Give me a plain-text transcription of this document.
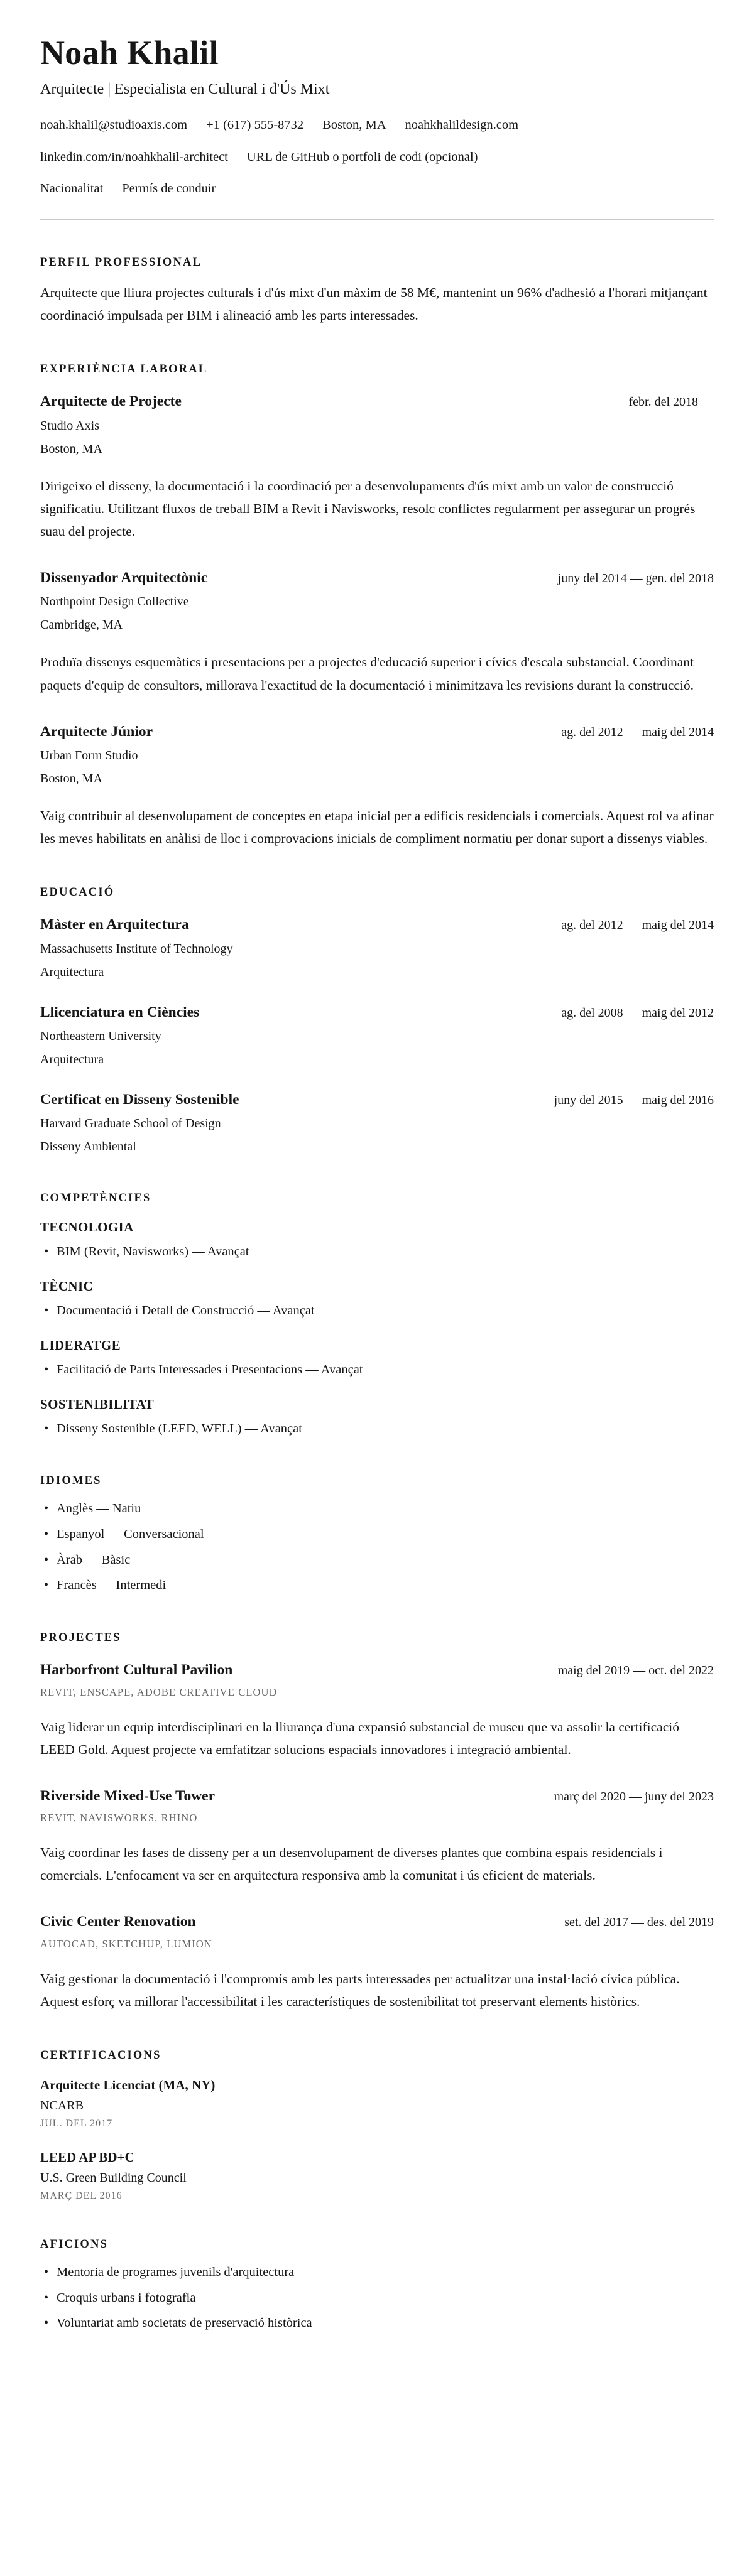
Noah Khalil
Arquitecte | Especialista en Cultural i d'Ús Mixt
noah.khalil@studioaxis.com +1 (617) 555-8732 Boston, MA noahkhalildesign.com
linkedin.com/in/noahkhalil-architect URL de GitHub o portfoli de codi (opcional)
Nacionalitat Permís de conduir
PERFIL PROFESSIONAL

Arquitecte que lliura projectes culturals i d'ús mixt d'un màxim de 58 M€, mantenint un 96% d'adhesió a l'horari mitjançant coordinació impulsada per BIM i alineació amb les parts interessades.

EXPERIÈNCIA LABORAL
Arquitecte de Projecte	febr. del 2018 —
Studio Axis
Boston, MA

Dirigeixo el disseny, la documentació i la coordinació per a desenvolupaments d'ús mixt amb un valor de construcció significatiu. Utilitzant fluxos de treball BIM a Revit i Navisworks, resolc conflictes regularment per assegurar un progrés suau del projecte.

Dissenyador Arquitectònic	juny del 2014 — gen. del 2018
Northpoint Design Collective
Cambridge, MA

Produïa dissenys esquemàtics i presentacions per a projectes d'educació superior i cívics d'escala substancial. Coordinant paquets d'equip de consultors, millorava l'exactitud de la documentació i minimitzava les revisions durant la construcció.

Arquitecte Júnior	ag. del 2012 — maig del 2014
Urban Form Studio
Boston, MA

Vaig contribuir al desenvolupament de conceptes en etapa inicial per a edificis residencials i comercials. Aquest rol va afinar les meves habilitats en anàlisi de lloc i comprovacions inicials de compliment normatiu per donar suport a dissenys viables.

EDUCACIÓ
Màster en Arquitectura	ag. del 2012 — maig del 2014
Massachusetts Institute of Technology
Arquitectura
Llicenciatura en Ciències	ag. del 2008 — maig del 2012
Northeastern University
Arquitectura
Certificat en Disseny Sostenible	juny del 2015 — maig del 2016
Harvard Graduate School of Design
Disseny Ambiental
COMPETÈNCIES
TECNOLOGIA
• BIM (Revit, Navisworks) — Avançat
TÈCNIC
• Documentació i Detall de Construcció — Avançat
LIDERATGE
• Facilitació de Parts Interessades i Presentacions — Avançat
SOSTENIBILITAT
• Disseny Sostenible (LEED, WELL) — Avançat
IDIOMES
• Anglès — Natiu
• Espanyol — Conversacional
• Àrab — Bàsic
• Francès — Intermedi
PROJECTES
Harborfront Cultural Pavilion	maig del 2019 — oct. del 2022
REVIT, ENSCAPE, ADOBE CREATIVE CLOUD

Vaig liderar un equip interdisciplinari en la lliurança d'una expansió substancial de museu que va assolir la certificació LEED Gold. Aquest projecte va emfatitzar solucions espacials innovadores i integració ambiental.

Riverside Mixed-Use Tower	març del 2020 — juny del 2023
REVIT, NAVISWORKS, RHINO

Vaig coordinar les fases de disseny per a un desenvolupament de diverses plantes que combina espais residencials i comercials. L'enfocament va ser en arquitectura responsiva amb la comunitat i ús eficient de materials.

Civic Center Renovation	set. del 2017 — des. del 2019
AUTOCAD, SKETCHUP, LUMION

Vaig gestionar la documentació i l'compromís amb les parts interessades per actualitzar una instal·lació cívica pública. Aquest esforç va millorar l'accessibilitat i les característiques de sostenibilitat tot preservant elements històrics.

CERTIFICACIONS
Arquitecte Licenciat (MA, NY)
NCARB
JUL. DEL 2017
LEED AP BD+C
U.S. Green Building Council
MARÇ DEL 2016
AFICIONS
• Mentoria de programes juvenils d'arquitectura
• Croquis urbans i fotografia
• Voluntariat amb societats de preservació històrica
